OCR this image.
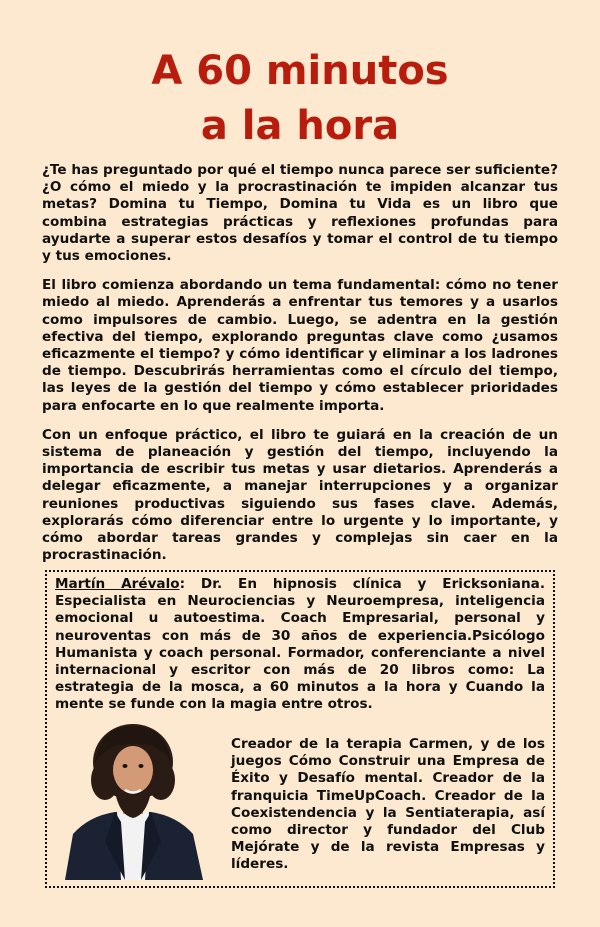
A 60 minutos
a la hora

¿Te has preguntado por qué el tiempo nunca parece ser suficiente? ¿O cómo el miedo y la procrastinación te impiden alcanzar tus metas? Domina tu Tiempo, Domina tu Vida es un libro que combina estrategias prácticas y reflexiones profundas para ayudarte a superar estos desafíos y tomar el control de tu tiempo y tus emociones.

El libro comienza abordando un tema fundamental: cómo no tener miedo al miedo. Aprenderás a enfrentar tus temores y a usarlos como impulsores de cambio. Luego, se adentra en la gestión efectiva del tiempo, explorando preguntas clave como ¿usamos eficazmente el tiempo? y cómo identificar y eliminar a los ladrones de tiempo. Descubrirás herramientas como el círculo del tiempo, las leyes de la gestión del tiempo y cómo establecer prioridades para enfocarte en lo que realmente importa.

Con un enfoque práctico, el libro te guiará en la creación de un sistema de planeación y gestión del tiempo, incluyendo la importancia de escribir tus metas y usar dietarios. Aprenderás a delegar eficazmente, a manejar interrupciones y a organizar reuniones productivas siguiendo sus fases clave. Además, explorarás cómo diferenciar entre lo urgente y lo importante, y cómo abordar tareas grandes y complejas sin caer en la procrastinación.

Martín Arévalo: Dr. En hipnosis clínica y Ericksoniana. Especialista en Neurociencias y Neuroempresa, inteligencia emocional u autoestima. Coach Empresarial, personal y neuroventas con más de 30 años de experiencia.Psicólogo Humanista y coach personal. Formador, conferenciante a nivel internacional y escritor con más de 20 libros como: La estrategia de la mosca, a 60 minutos a la hora y Cuando la mente se funde con la magia entre otros.

Creador de la terapia Carmen, y de los juegos Cómo Construir una Empresa de Éxito y Desafío mental. Creador de la franquicia TimeUpCoach. Creador de la Coexistendencia y la Sentiaterapia, así como director y fundador del Club Mejórate y de la revista Empresas y líderes.
